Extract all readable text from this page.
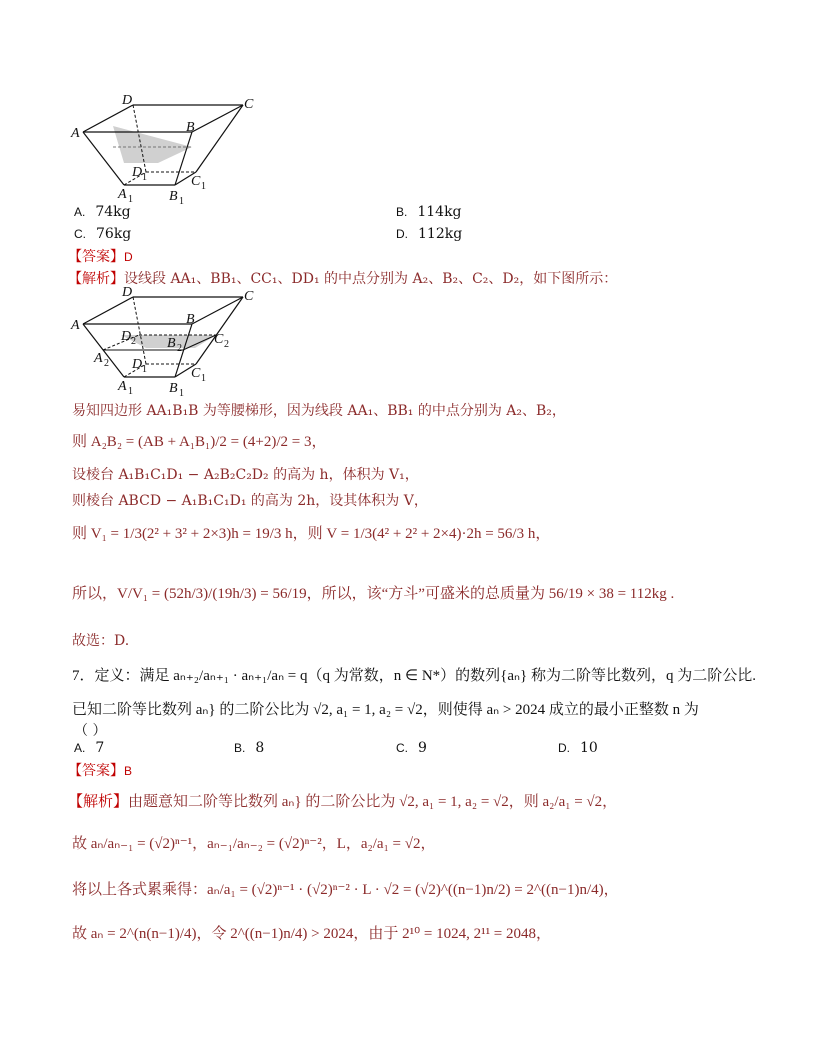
A
D	C
B
D 1	C 1
A 1	B 1
A. 74kg	B. 114kg
C. 76kg	D. 112kg
【答案】D
【解析】设线段 AA₁、BB₁、CC₁、DD₁ 的中点分别为 A₂、B₂、C₂、D₂，如下图所示：
A
D	C
B
D 2 B 2
C 2
A 2 D 1	C 1
A 1	B 1
易知四边形 AA₁B₁B 为等腰梯形，因为线段 AA₁、BB₁ 的中点分别为 A₂、B₂，
则 A₂B₂ = (AB + A₁B₁)/2 = (4+2)/2 = 3，
设棱台 A₁B₁C₁D₁ − A₂B₂C₂D₂ 的高为 h，体积为 V₁，
则棱台 ABCD − A₁B₁C₁D₁ 的高为 2h，设其体积为 V，
则 V₁ = 1/3(2² + 3² + 2×3)h = 19/3 h，则 V = 1/3(4² + 2² + 2×4)·2h = 56/3 h，
所以，V/V₁ = (52h/3)/(19h/3) = 56/19，所以，该“方斗”可盛米的总质量为 56/19 × 38 = 112kg .
故选：D.
7．定义：满足 aₙ₊₂/aₙ₊₁ · aₙ₊₁/aₙ = q（q 为常数，n ∈ N*）的数列{aₙ} 称为二阶等比数列，q 为二阶公比.
已知二阶等比数列 aₙ} 的二阶公比为 √2, a₁ = 1, a₂ = √2，则使得 aₙ > 2024 成立的最小正整数 n 为
（ ）
A. 7	B. 8	C. 9	D. 10
【答案】B
【解析】由题意知二阶等比数列 aₙ} 的二阶公比为 √2, a₁ = 1, a₂ = √2，则 a₂/a₁ = √2，
故 aₙ/aₙ₋₁ = (√2)ⁿ⁻¹，aₙ₋₁/aₙ₋₂ = (√2)ⁿ⁻²，L，a₂/a₁ = √2，
将以上各式累乘得：aₙ/a₁ = (√2)ⁿ⁻¹ · (√2)ⁿ⁻² · L · √2 = (√2)^((n−1)n/2) = 2^((n−1)n/4)，
故 aₙ = 2^(n(n−1)/4)，令 2^((n−1)n/4) > 2024，由于 2¹⁰ = 1024, 2¹¹ = 2048，
